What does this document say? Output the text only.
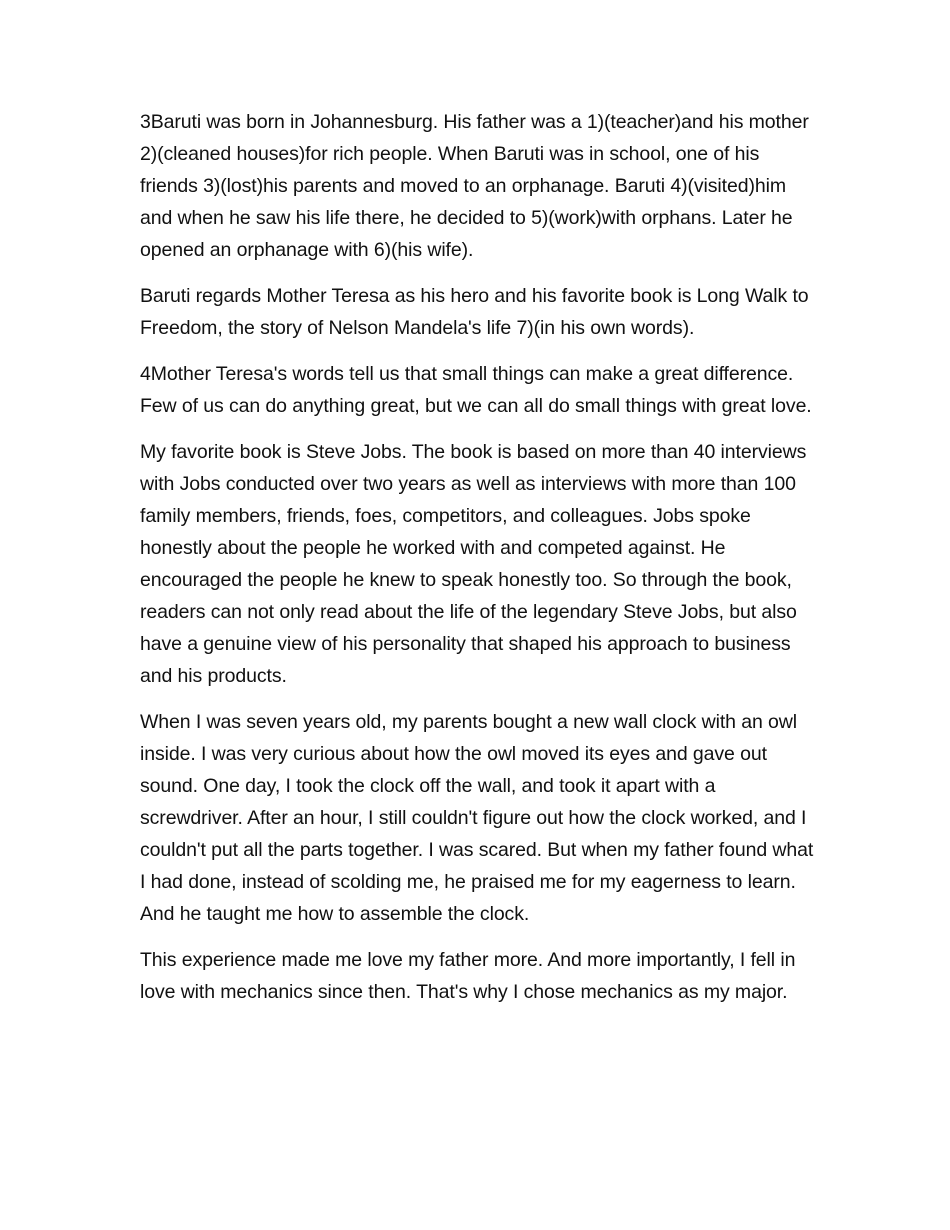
3Baruti was born in Johannesburg. His father was a 1)(teacher)and his mother 2)(cleaned houses)for rich people. When Baruti was in school, one of his friends 3)(lost)his parents and moved to an orphanage. Baruti 4)(visited)him and when he saw his life there, he decided to 5)(work)with orphans. Later he opened an orphanage with 6)(his wife).

Baruti regards Mother Teresa as his hero and his favorite book is Long Walk to Freedom, the story of Nelson Mandela's life 7)(in his own words).

4Mother Teresa's words tell us that small things can make a great difference. Few of us can do anything great, but we can all do small things with great love.

My favorite book is Steve Jobs. The book is based on more than 40 interviews with Jobs conducted over two years as well as interviews with more than 100 family members, friends, foes, competitors, and colleagues. Jobs spoke honestly about the people he worked with and competed against. He encouraged the people he knew to speak honestly too. So through the book, readers can not only read about the life of the legendary Steve Jobs, but also have a genuine view of his personality that shaped his approach to business and his products.

When I was seven years old, my parents bought a new wall clock with an owl inside. I was very curious about how the owl moved its eyes and gave out sound. One day, I took the clock off the wall, and took it apart with a screwdriver. After an hour, I still couldn't figure out how the clock worked, and I couldn't put all the parts together. I was scared. But when my father found what I had done, instead of scolding me, he praised me for my eagerness to learn. And he taught me how to assemble the clock.

This experience made me love my father more. And more importantly, I fell in love with mechanics since then. That's why I chose mechanics as my major.
